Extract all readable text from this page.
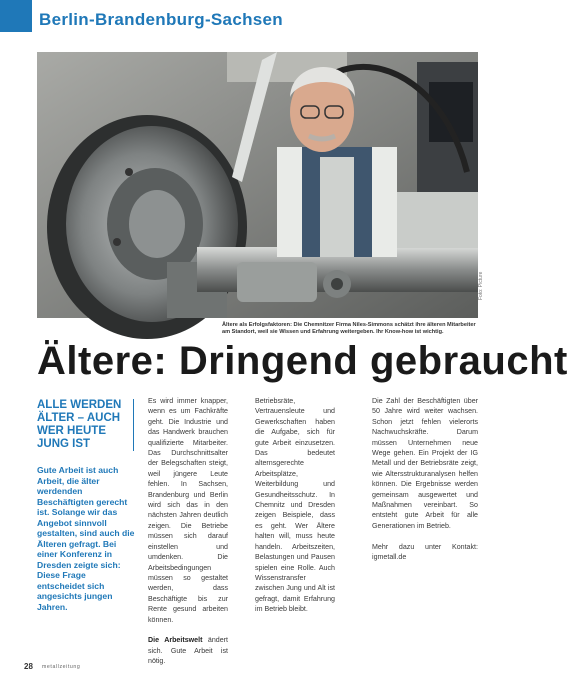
Berlin-Brandenburg-Sachsen
Foto: Picture
Ältere als Erfolgsfaktoren: Die Chemnitzer Firma Niles-Simmons schätzt ihre älteren Mitarbeiter am Standort, weil sie Wissen und Erfahrung weitergeben. Ihr Know-how ist wichtig.
Ältere: Dringend gebraucht
ALLE WERDEN ÄLTER – AUCH WER HEUTE JUNG IST
Gute Arbeit ist auch Arbeit, die älter werdenden Beschäftigten gerecht ist. Solange wir das Angebot sinnvoll gestalten, sind auch die Älteren gefragt. Bei einer Konferenz in Dresden zeigte sich: Diese Frage entscheidet sich angesichts jungen Jahren.
Es wird immer knapper, wenn es um Fachkräfte geht. Die Industrie und das Handwerk brauchen qualifizierte Mitarbeiter. Das Durchschnittsalter der Belegschaften steigt, weil jüngere Leute fehlen. In Sachsen, Brandenburg und Berlin wird sich das in den nächsten Jahren deutlich zeigen. Die Betriebe müssen sich darauf einstellen und umdenken. Die Arbeitsbedingungen müssen so gestaltet werden, dass Beschäftigte bis zur Rente gesund arbeiten können.

Die Arbeitswelt ändert sich. Gute Arbeit ist nötig.
Betriebsräte, Vertrauensleute und Gewerkschaften haben die Aufgabe, sich für gute Arbeit einzusetzen. Das bedeutet alternsgerechte Arbeitsplätze, Weiterbildung und Gesundheitsschutz. In Chemnitz und Dresden zeigen Beispiele, dass es geht. Wer Ältere halten will, muss heute handeln. Arbeitszeiten, Belastungen und Pausen spielen eine Rolle. Auch Wissenstransfer zwischen Jung und Alt ist gefragt, damit Erfahrung im Betrieb bleibt.
Die Zahl der Beschäftigten über 50 Jahre wird weiter wachsen. Schon jetzt fehlen vielerorts Nachwuchskräfte. Darum müssen Unternehmen neue Wege gehen. Ein Projekt der IG Metall und der Betriebsräte zeigt, wie Altersstrukturanalysen helfen können. Die Ergebnisse werden gemeinsam ausgewertet und Maßnahmen vereinbart. So entsteht gute Arbeit für alle Generationen im Betrieb.

Mehr dazu unter Kontakt: igmetall.de
28 metallzeitung
